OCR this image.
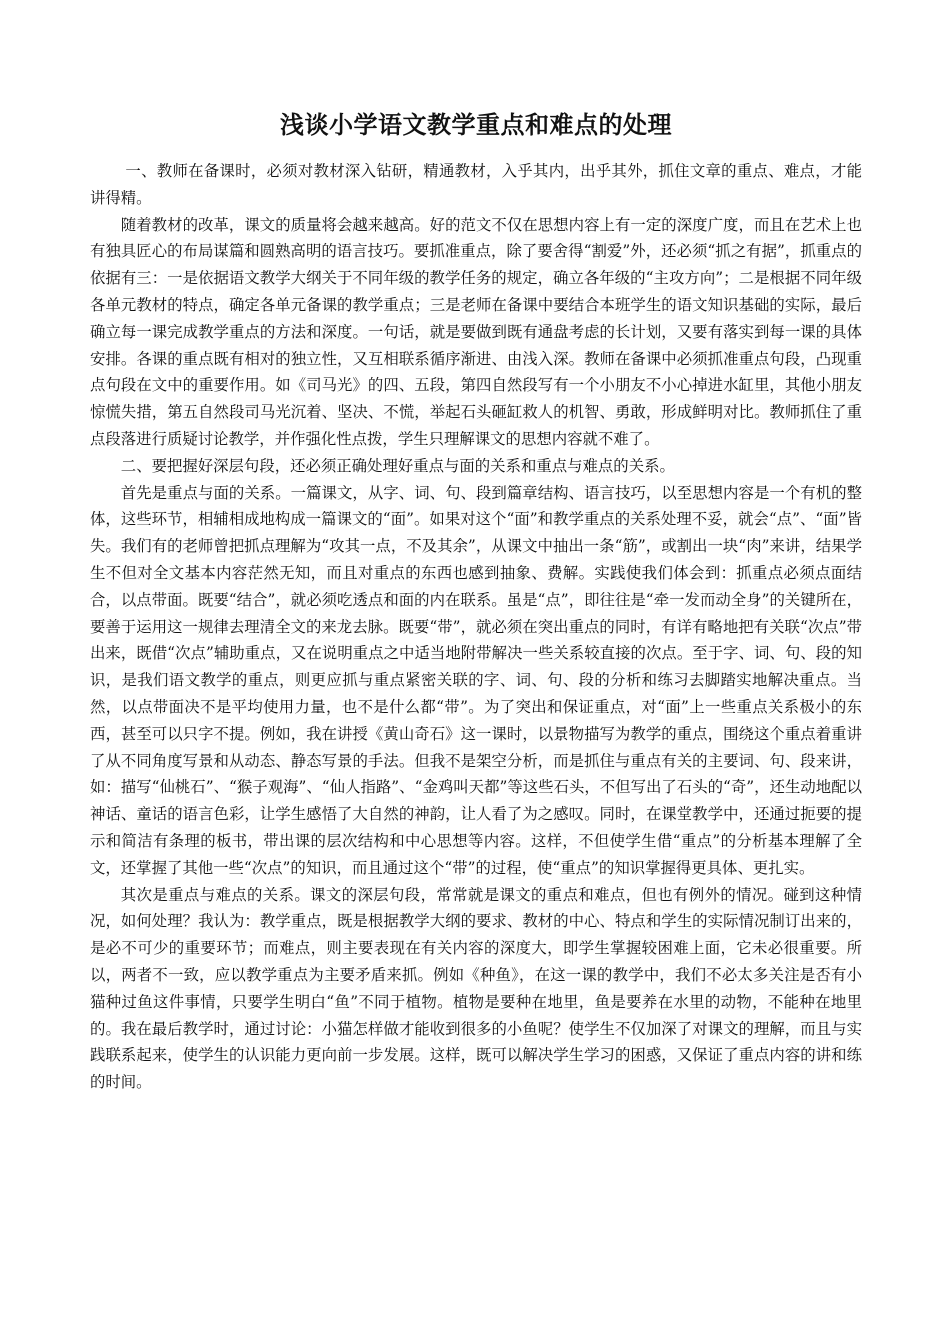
浅谈小学语文教学重点和难点的处理

一、教师在备课时，必须对教材深入钻研，精通教材，入乎其内，出乎其外，抓住文章的重点、难点，才能讲得精。

随着教材的改革，课文的质量将会越来越高。好的范文不仅在思想内容上有一定的深度广度，而且在艺术上也有独具匠心的布局谋篇和圆熟高明的语言技巧。要抓准重点，除了要舍得“割爱”外，还必须“抓之有据”，抓重点的依据有三：一是依据语文教学大纲关于不同年级的教学任务的规定，确立各年级的“主攻方向”；二是根据不同年级各单元教材的特点，确定各单元备课的教学重点；三是老师在备课中要结合本班学生的语文知识基础的实际，最后确立每一课完成教学重点的方法和深度。一句话，就是要做到既有通盘考虑的长计划，又要有落实到每一课的具体安排。各课的重点既有相对的独立性，又互相联系循序渐进、由浅入深。教师在备课中必须抓准重点句段，凸现重点句段在文中的重要作用。如《司马光》的四、五段，第四自然段写有一个小朋友不小心掉进水缸里，其他小朋友惊慌失措，第五自然段司马光沉着、坚决、不慌，举起石头砸缸救人的机智、勇敢，形成鲜明对比。教师抓住了重点段落进行质疑讨论教学，并作强化性点拨，学生只理解课文的思想内容就不难了。

二、要把握好深层句段，还必须正确处理好重点与面的关系和重点与难点的关系。

首先是重点与面的关系。一篇课文，从字、词、句、段到篇章结构、语言技巧，以至思想内容是一个有机的整体，这些环节，相辅相成地构成一篇课文的“面”。如果对这个“面”和教学重点的关系处理不妥，就会“点”、“面”皆失。我们有的老师曾把抓点理解为“攻其一点，不及其余”，从课文中抽出一条“筋”，或割出一块“肉”来讲，结果学生不但对全文基本内容茫然无知，而且对重点的东西也感到抽象、费解。实践使我们体会到：抓重点必须点面结合，以点带面。既要“结合”，就必须吃透点和面的内在联系。虽是“点”，即往往是“牵一发而动全身”的关键所在，要善于运用这一规律去理清全文的来龙去脉。既要“带”，就必须在突出重点的同时，有详有略地把有关联“次点”带出来，既借“次点”辅助重点，又在说明重点之中适当地附带解决一些关系较直接的次点。至于字、词、句、段的知识，是我们语文教学的重点，则更应抓与重点紧密关联的字、词、句、段的分析和练习去脚踏实地解决重点。当然，以点带面决不是平均使用力量，也不是什么都“带”。为了突出和保证重点，对“面”上一些重点关系极小的东西，甚至可以只字不提。例如，我在讲授《黄山奇石》这一课时，以景物描写为教学的重点，围绕这个重点着重讲了从不同角度写景和从动态、静态写景的手法。但我不是架空分析，而是抓住与重点有关的主要词、句、段来讲，如：描写“仙桃石”、“猴子观海”、“仙人指路”、“金鸡叫天都”等这些石头，不但写出了石头的“奇”，还生动地配以神话、童话的语言色彩，让学生感悟了大自然的神韵，让人看了为之感叹。同时，在课堂教学中，还通过扼要的提示和简洁有条理的板书，带出课的层次结构和中心思想等内容。这样，不但使学生借“重点”的分析基本理解了全文，还掌握了其他一些“次点”的知识，而且通过这个“带”的过程，使“重点”的知识掌握得更具体、更扎实。

其次是重点与难点的关系。课文的深层句段，常常就是课文的重点和难点，但也有例外的情况。碰到这种情况，如何处理？我认为：教学重点，既是根据教学大纲的要求、教材的中心、特点和学生的实际情况制订出来的，是必不可少的重要环节；而难点，则主要表现在有关内容的深度大，即学生掌握较困难上面，它未必很重要。所以，两者不一致，应以教学重点为主要矛盾来抓。例如《种鱼》，在这一课的教学中，我们不必太多关注是否有小猫种过鱼这件事情，只要学生明白“鱼”不同于植物。植物是要种在地里，鱼是要养在水里的动物，不能种在地里的。我在最后教学时，通过讨论：小猫怎样做才能收到很多的小鱼呢？使学生不仅加深了对课文的理解，而且与实践联系起来，使学生的认识能力更向前一步发展。这样，既可以解决学生学习的困惑，又保证了重点内容的讲和练的时间。
